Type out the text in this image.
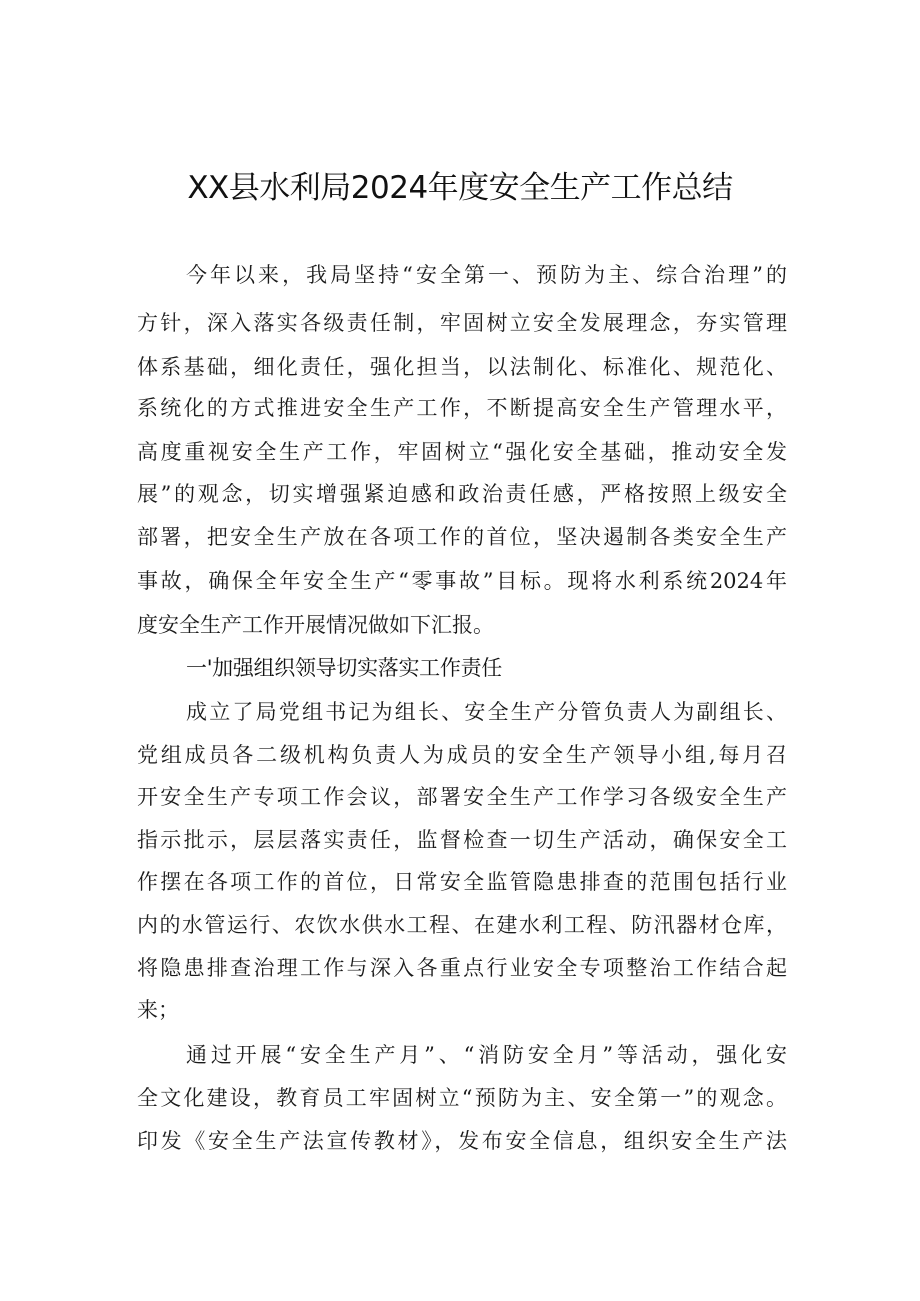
XX县水利局2024年度安全生产工作总结
今年以来，我局坚持“安全第一、预防为主、综合治理”的
方针，深入落实各级责任制，牢固树立安全发展理念，夯实管理
体系基础，细化责任，强化担当，以法制化、标准化、规范化、
系统化的方式推进安全生产工作，不断提高安全生产管理水平，
高度重视安全生产工作，牢固树立“强化安全基础，推动安全发
展”的观念，切实增强紧迫感和政治责任感，严格按照上级安全
部署，把安全生产放在各项工作的首位，坚决遏制各类安全生产
事故，确保全年安全生产“零事故”目标。现将水利系统2024年
度安全生产工作开展情况做如下汇报。
一'加强组织领导切实落实工作责任
成立了局党组书记为组长、安全生产分管负责人为副组长、
党组成员各二级机构负责人为成员的安全生产领导小组,每月召
开安全生产专项工作会议，部署安全生产工作学习各级安全生产
指示批示，层层落实责任，监督检查一切生产活动，确保安全工
作摆在各项工作的首位，日常安全监管隐患排查的范围包括行业
内的水管运行、农饮水供水工程、在建水利工程、防汛器材仓库，
将隐患排查治理工作与深入各重点行业安全专项整治工作结合起
来；
通过开展“安全生产月”、“消防安全月”等活动，强化安
全文化建设，教育员工牢固树立“预防为主、安全第一”的观念。
印发《安全生产法宣传教材》，发布安全信息，组织安全生产法
